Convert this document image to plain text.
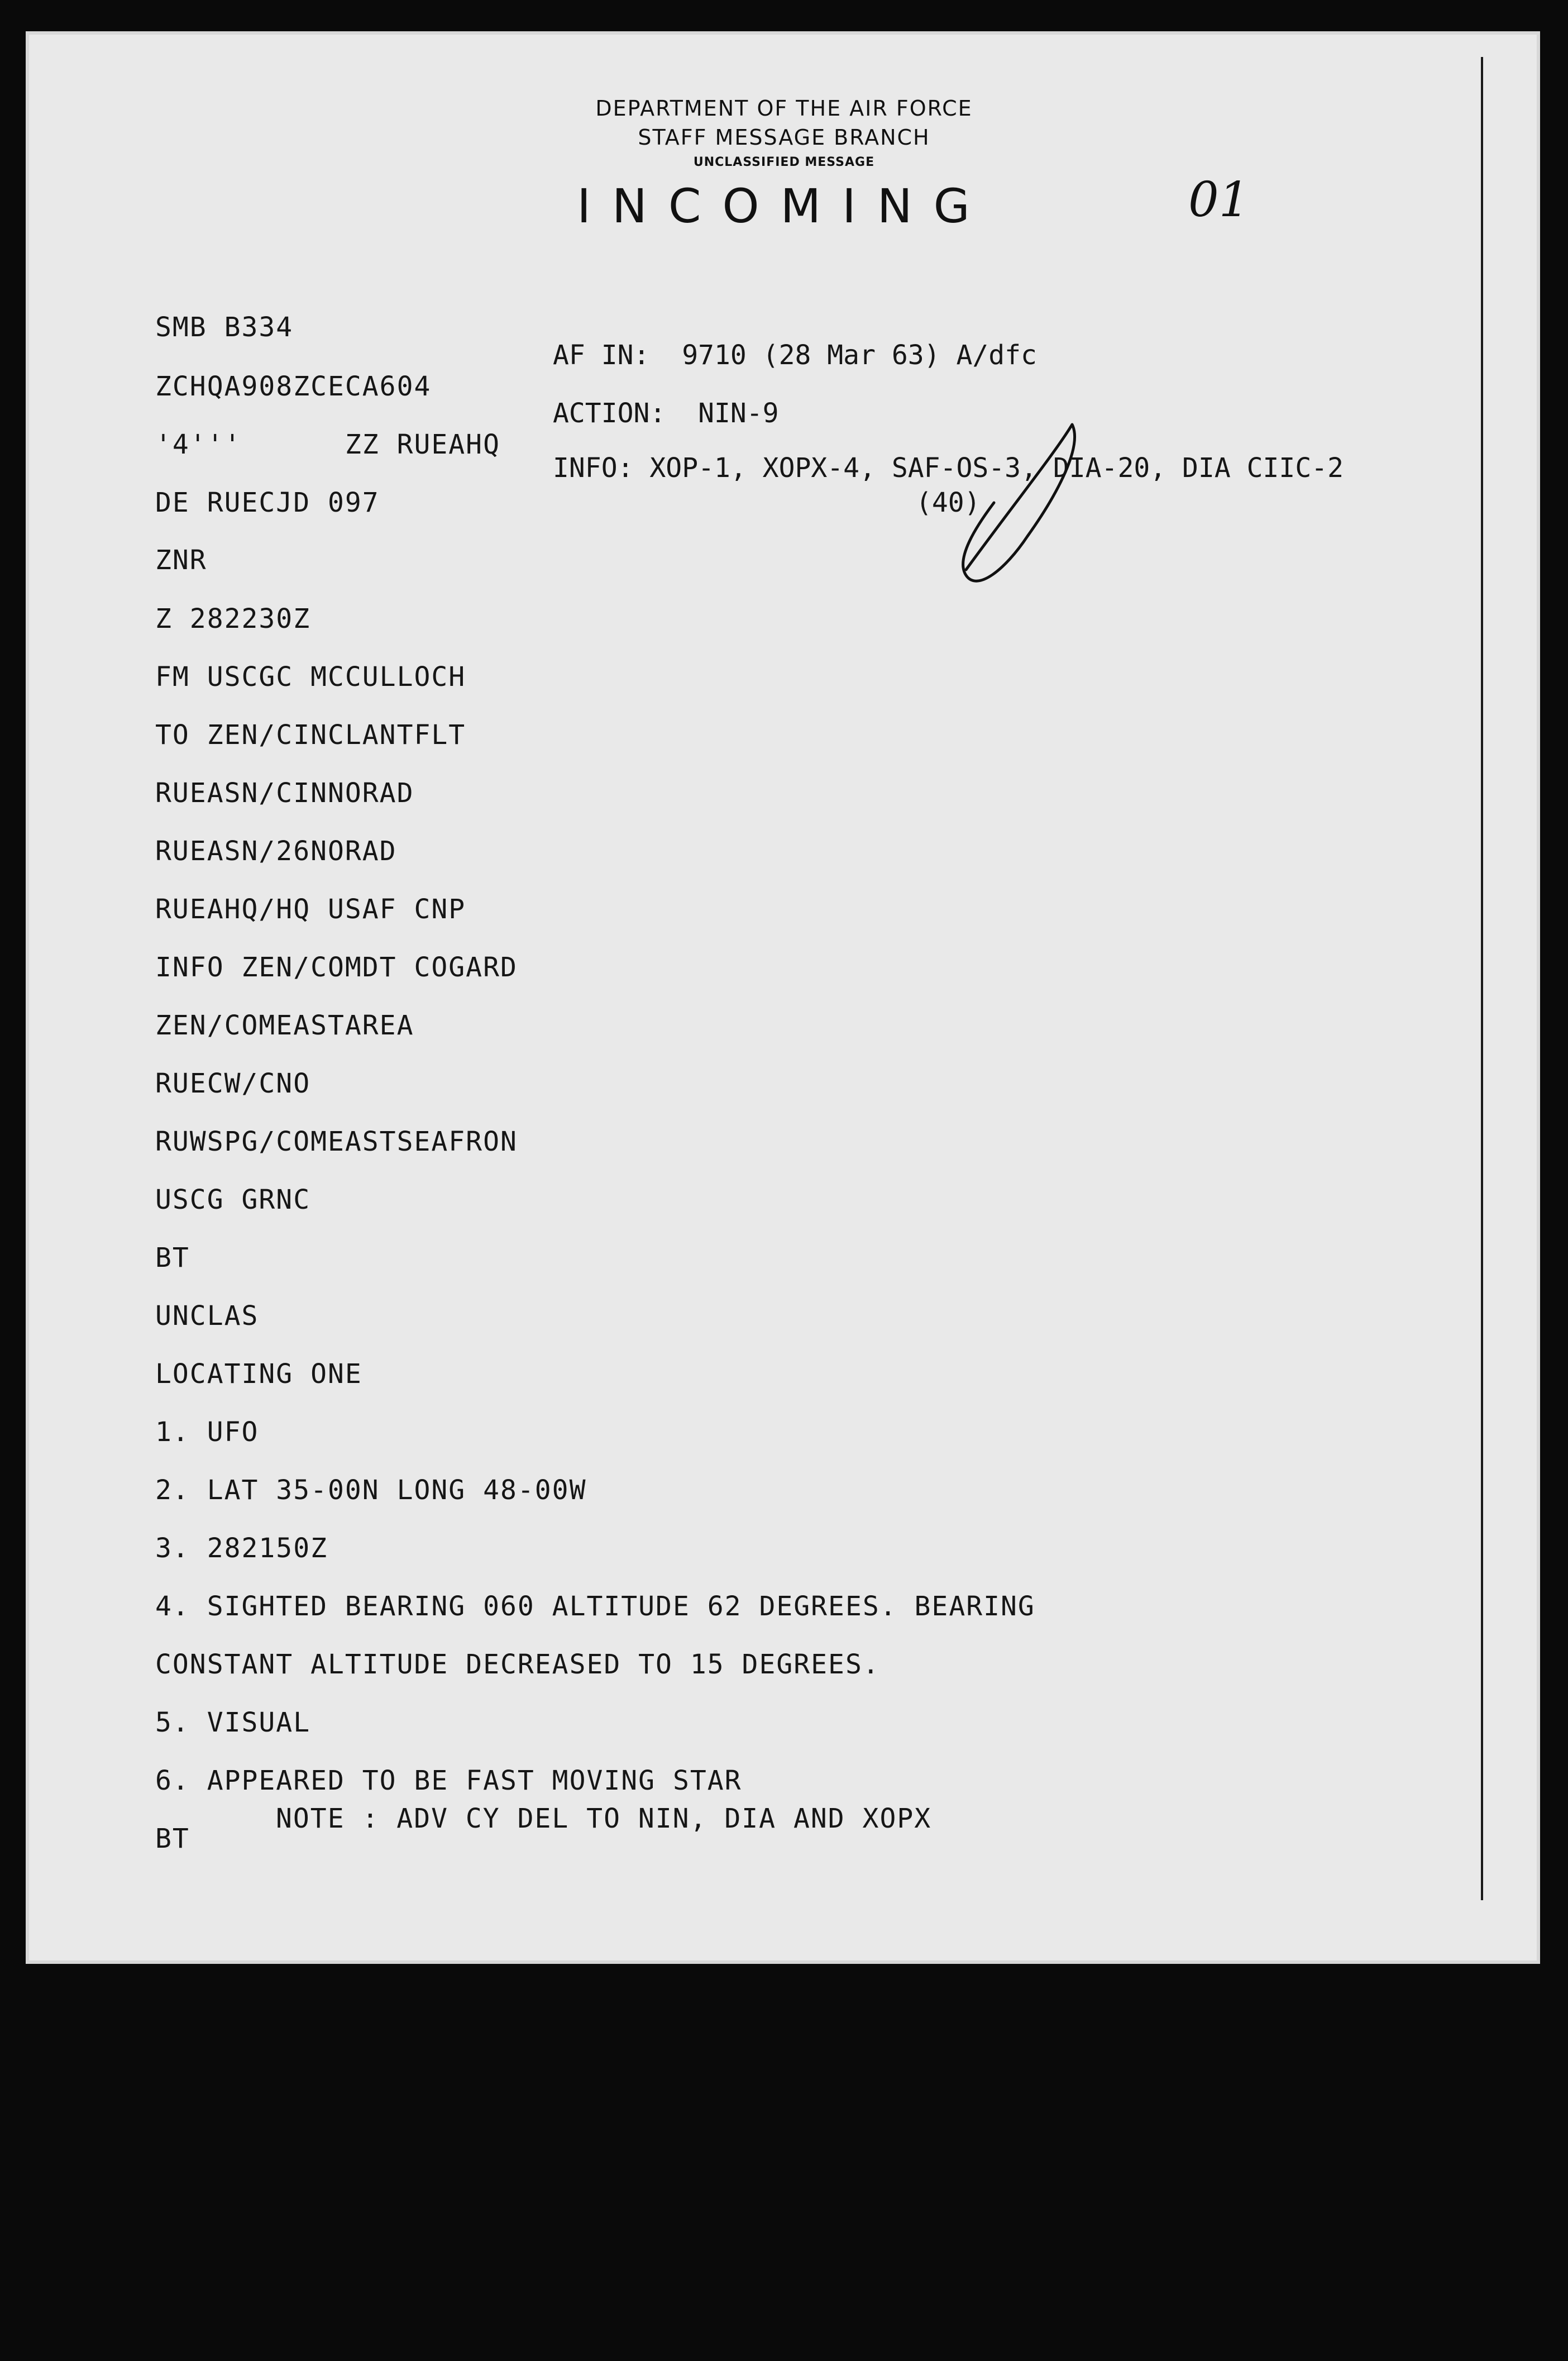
DEPARTMENT OF THE AIR FORCE
STAFF MESSAGE BRANCH
UNCLASSIFIED MESSAGE
INCOMING	01
AF IN:  9710 (28 Mar 63) A/dfc
ACTION:  NIN-9
INFO: XOP-1, XOPX-4, SAF-OS-3, DIA-20, DIA CIIC-2
(40)
SMB B334
ZCHQA908ZCECA604
'4'''      ZZ RUEAHQ
DE RUECJD 097
ZNR
Z 282230Z
FM USCGC MCCULLOCH
TO ZEN/CINCLANTFLT
RUEASN/CINNORAD
RUEASN/26NORAD
RUEAHQ/HQ USAF CNP
INFO ZEN/COMDT COGARD
ZEN/COMEASTAREA
RUECW/CNO
RUWSPG/COMEASTSEAFRON
USCG GRNC
BT
UNCLAS
LOCATING ONE
1. UFO
2. LAT 35-00N LONG 48-00W
3. 282150Z
4. SIGHTED BEARING 060 ALTITUDE 62 DEGREES. BEARING
CONSTANT ALTITUDE DECREASED TO 15 DEGREES.
5. VISUAL
6. APPEARED TO BE FAST MOVING STAR
BT
NOTE : ADV CY DEL TO NIN, DIA AND XOPX
